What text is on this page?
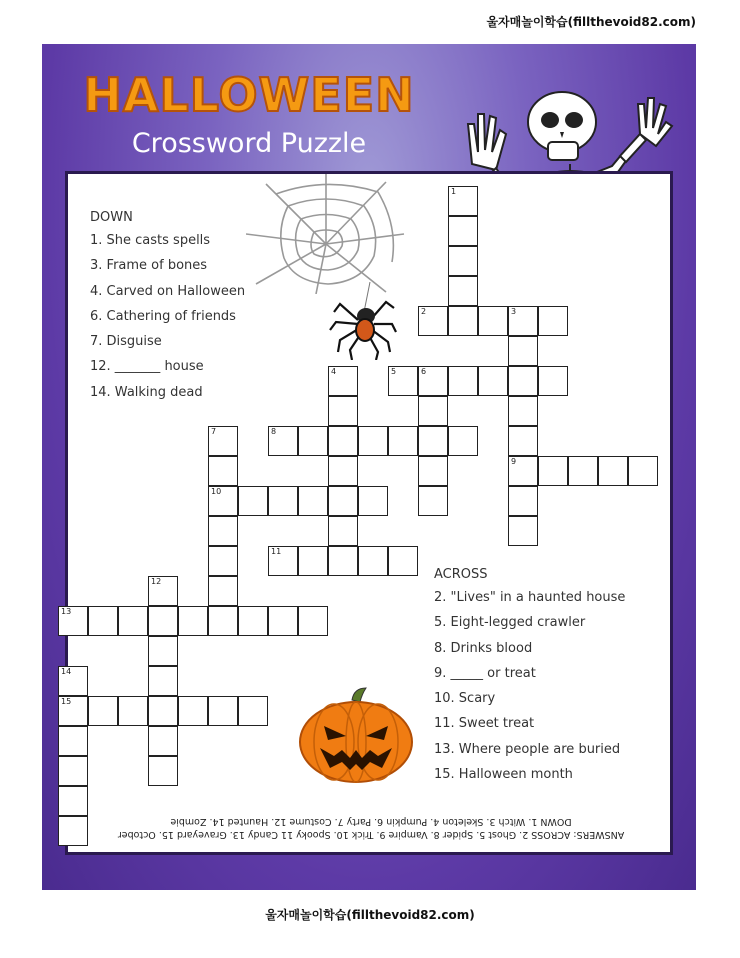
울자매놀이학습(fillthevoid82.com)
HALLOWEEN
Crossword Puzzle
DOWN
1. She casts spells
3. Frame of bones
4. Carved on Halloween
6. Cathering of friends
7. Disguise
12. _______ house
14. Walking dead
ACROSS
2. "Lives" in a haunted house
5. Eight-legged crawler
8. Drinks blood
9. _____ or treat
10. Scary
11. Sweet treat
13. Where people are buried
15. Halloween month
1
2	3
9
4	5	6
7
10
8
11
12
13
14
15
ANSWERS: ACROSS 2. Ghost 5. Spider 8. Vampire 9. Trick 10. Spooky 11 Candy 13. Graveyard 15. October
DOWN 1. Witch 3. Skeleton 4. Pumpkin 6. Party 7. Costume 12. Haunted 14. Zombie
울자매놀이학습(fillthevoid82.com)
